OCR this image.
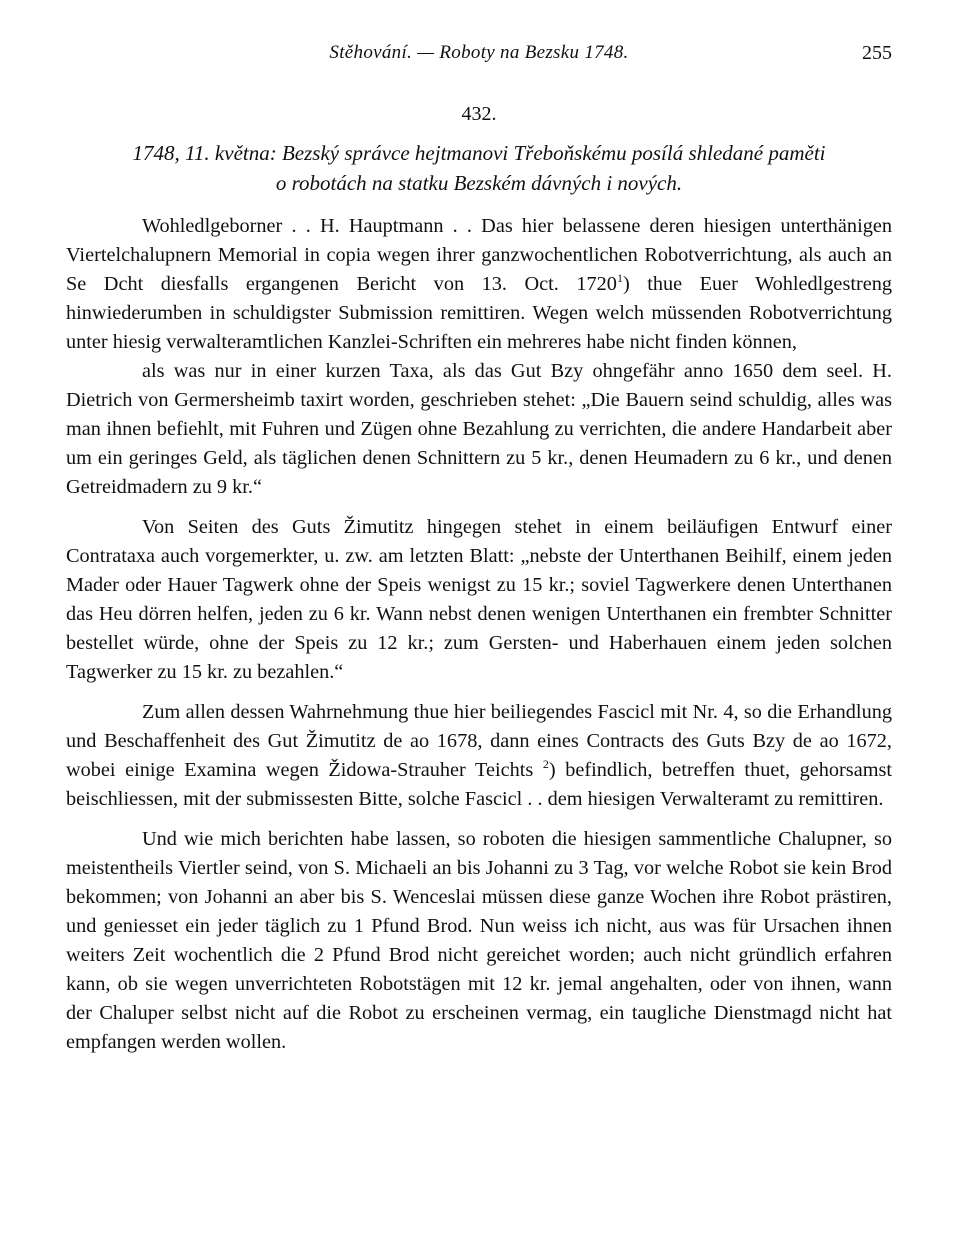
Stěhování. — Roboty na Bezsku 1748.	255
432.
1748, 11. května: Bezský správce hejtmanovi Třeboňskému posílá shledané paměti
o robotách na statku Bezském dávných i nových.

Wohledlgeborner . . H. Hauptmann . . Das hier belassene deren hiesigen unterthänigen Viertelchalupnern Memorial in copia wegen ihrer ganzwochentlichen Robotverrichtung, als auch an Se Dcht diesfalls ergangenen Bericht von 13. Oct. 1720$^1$) thue Euer Wohledlgestreng hinwiederumben in schuldigster Submission remittiren. Wegen welch müssenden Robotverrichtung unter hiesig verwalteramtlichen Kanzlei-Schriften ein mehreres habe nicht finden können,

als was nur in einer kurzen Taxa, als das Gut Bzy ohngefähr anno 1650 dem seel. H. Dietrich von Germersheimb taxirt worden, geschrieben stehet: „Die Bauern seind schuldig, alles was man ihnen befiehlt, mit Fuhren und Zügen ohne Bezahlung zu verrichten, die andere Handarbeit aber um ein geringes Geld, als täglichen denen Schnittern zu 5 kr., denen Heumadern zu 6 kr., und denen Getreidmadern zu 9 kr.“

Von Seiten des Guts Žimutitz hingegen stehet in einem beiläufigen Entwurf einer Contrataxa auch vorgemerkter, u. zw. am letzten Blatt: „nebste der Unterthanen Beihilf, einem jeden Mader oder Hauer Tagwerk ohne der Speis wenigst zu 15 kr.; soviel Tagwerkere denen Unterthanen das Heu dörren helfen, jeden zu 6 kr. Wann nebst denen wenigen Unterthanen ein frembter Schnitter bestellet würde, ohne der Speis zu 12 kr.; zum Gersten- und Haberhauen einem jeden solchen Tagwerker zu 15 kr. zu bezahlen.“

Zum allen dessen Wahrnehmung thue hier beiliegendes Fascicl mit Nr. 4, so die Erhandlung und Beschaffenheit des Gut Žimutitz de ao 1678, dann eines Contracts des Guts Bzy de ao 1672, wobei einige Examina wegen Židowa-Strauher Teichts $^2$) befindlich, betreffen thuet, gehorsamst beischliessen, mit der submissesten Bitte, solche Fascicl . . dem hiesigen Verwalteramt zu remittiren.

Und wie mich berichten habe lassen, so roboten die hiesigen sammentliche Chalupner, so meistentheils Viertler seind, von S. Michaeli an bis Johanni zu 3 Tag, vor welche Robot sie kein Brod bekommen; von Johanni an aber bis S. Wenceslai müssen diese ganze Wochen ihre Robot prästiren, und geniesset ein jeder täglich zu 1 Pfund Brod. Nun weiss ich nicht, aus was für Ursachen ihnen weiters Zeit wochentlich die 2 Pfund Brod nicht gereichet worden; auch nicht gründlich erfahren kann, ob sie wegen unverrichteten Robotstägen mit 12 kr. jemal angehalten, oder von ihnen, wann der Chaluper selbst nicht auf die Robot zu erscheinen vermag, ein taugliche Dienstmagd nicht hat empfangen werden wollen.
